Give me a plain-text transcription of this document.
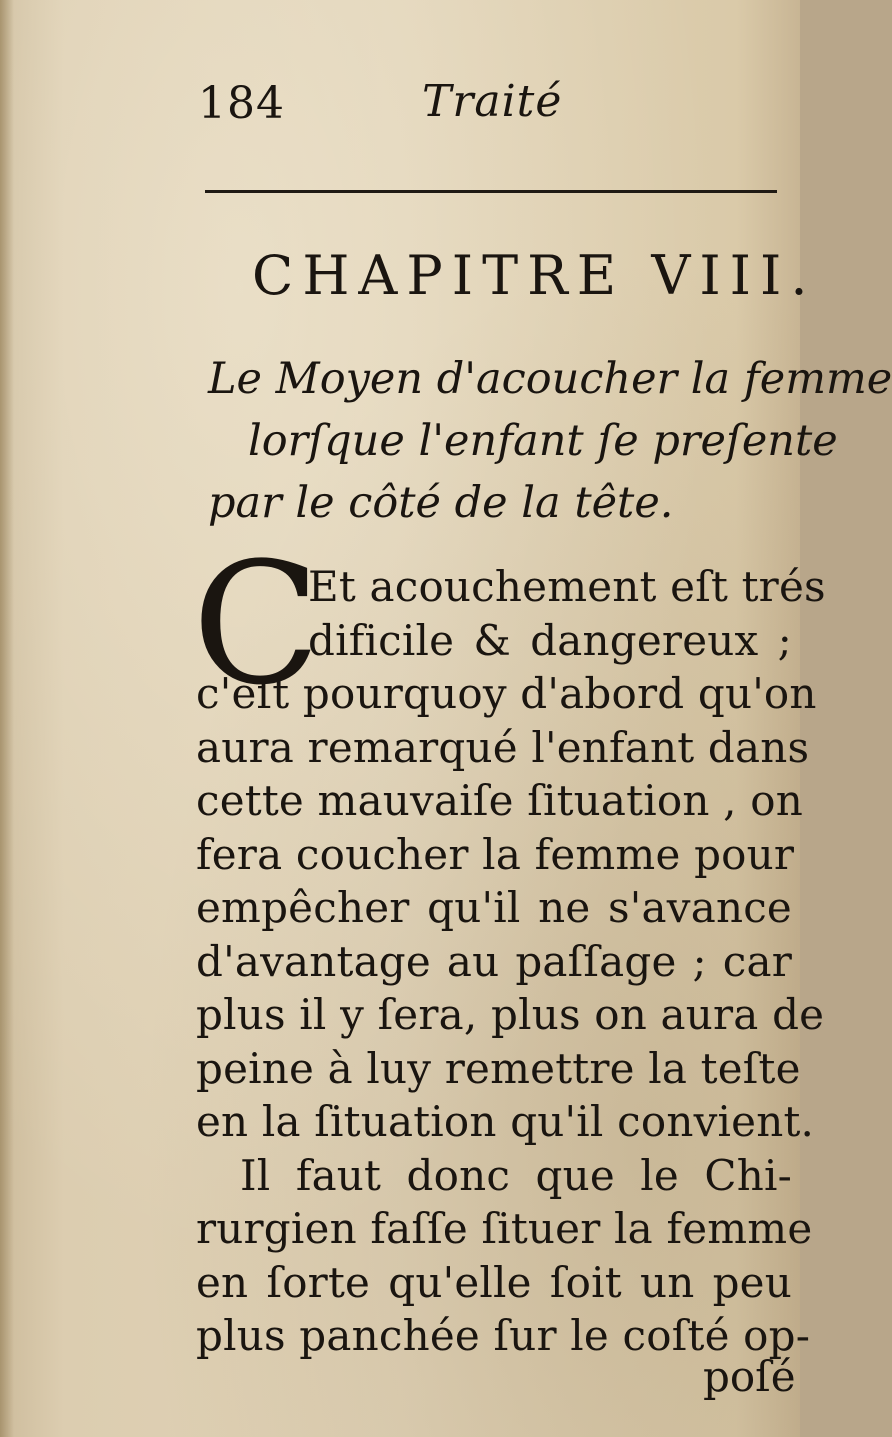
184	Traité
CHAPITRE VIII.
Le Moyen d'acoucher la femme
lorſque l'enfant ſe preſente
par le côté de la tête.
C
Et acouchement eſt trés
dificile & dangereux ;
c'eſt pourquoy d'abord qu'on
aura remarqué l'enfant dans
cette mauvaiſe ſituation , on
fera coucher la femme pour
empêcher qu'il ne s'avance
d'avantage au paſſage ; car
plus il y ſera, plus on aura de
peine à luy remettre la teſte
en la ſituation qu'il convient.
Il faut donc que le Chi-
rurgien faſſe ſituer la femme
en ſorte qu'elle ſoit un peu
plus panchée ſur le coſté op-
poſé
